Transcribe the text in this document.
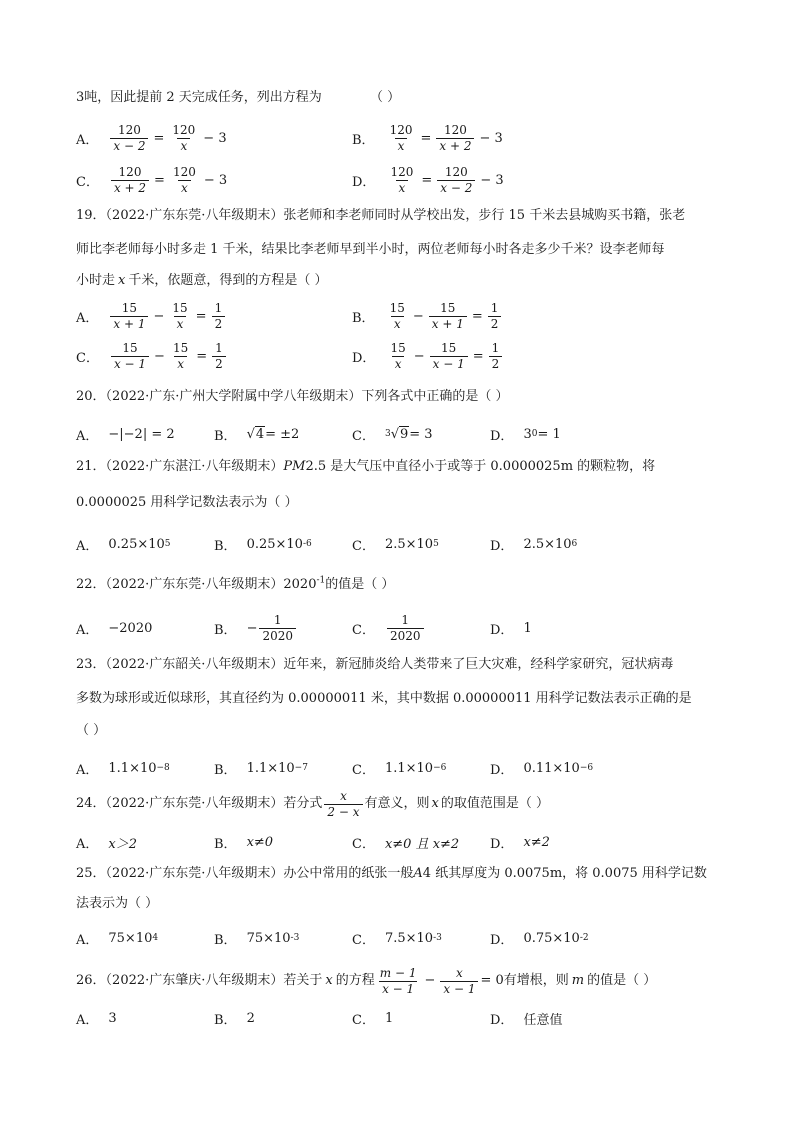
3吨，因此提前 2 天完成任务，列出方程为	（ ）
A． $\frac{120}{x - 2} = \frac{120}{x} - 3$	B． $\frac{120}{x} = \frac{120}{x + 2} - 3$
C． $\frac{120}{x + 2} = \frac{120}{x} - 3$	D． $\frac{120}{x} = \frac{120}{x - 2} - 3$
19．（2022·广东东莞·八年级期末）张老师和李老师同时从学校出发，步行 15 千米去县城购买书籍，张老
师比李老师每小时多走 1 千米，结果比李老师早到半小时，两位老师每小时各走多少千米？设李老师每
小时走 x 千米，依题意，得到的方程是（ ）
A． $\frac{15}{x + 1} - \frac{15}{x} = \frac{1}{2}$	B． $\frac{15}{x} - \frac{15}{x + 1} = \frac{1}{2}$
C． $\frac{15}{x - 1} - \frac{15}{x} = \frac{1}{2}$	D． $\frac{15}{x} - \frac{15}{x - 1} = \frac{1}{2}$
20．（2022·广东·广州大学附属中学八年级期末）下列各式中正确的是（ ）
A． −|−2| = 2	B． √ 4 = ±2	C． 3 √ 9 = 3	D． 3 0 = 1
21．（2022·广东湛江·八年级期末）PM2.5 是大气压中直径小于或等于 0.0000025m 的颗粒物，将
0.0000025 用科学记数法表示为（ ）
A． 0.25×10 5	B． 0.25×10 -6	C． 2.5×10 5	D． 2.5×10 6
22．（2022·广东东莞·八年级期末）$2020^{-1}$的值是（ ）
A． −2020	B． − $\frac{1}{2020}$	C． $\frac{1}{2020}$	D． 1
23．（2022·广东韶关·八年级期末）近年来，新冠肺炎给人类带来了巨大灾难，经科学家研究，冠状病毒
多数为球形或近似球形，其直径约为 0.00000011 米，其中数据 0.00000011 用科学记数法表示正确的是
（ ）
A． 1.1×10 −8	B． 1.1×10 −7	C． 1.1×10 −6	D． 0.11×10 −6
24．（2022·广东东莞·八年级期末）若分式 $\frac{x}{2 - x}$ 有意义，则 x 的取值范围是（ ）
A． x＞2	B． x≠0	C． x≠0 且 x≠2 D． x≠2
25．（2022·广东东莞·八年级期末）办公中常用的纸张一般A4 纸其厚度为 0.0075m，将 0.0075 用科学记数
法表示为（ ）
A． 75×10 4	B． 75×10 -3	C． 7.5×10 -3	D． 0.75×10 -2
26．（2022·广东肇庆·八年级期末）若关于 x 的方程 $\frac{m - 1}{x - 1} - \frac{x}{x - 1} = 0$ 有增根，则 m 的值是（ ）
A． 3	B． 2	C． 1	D． 任意值
